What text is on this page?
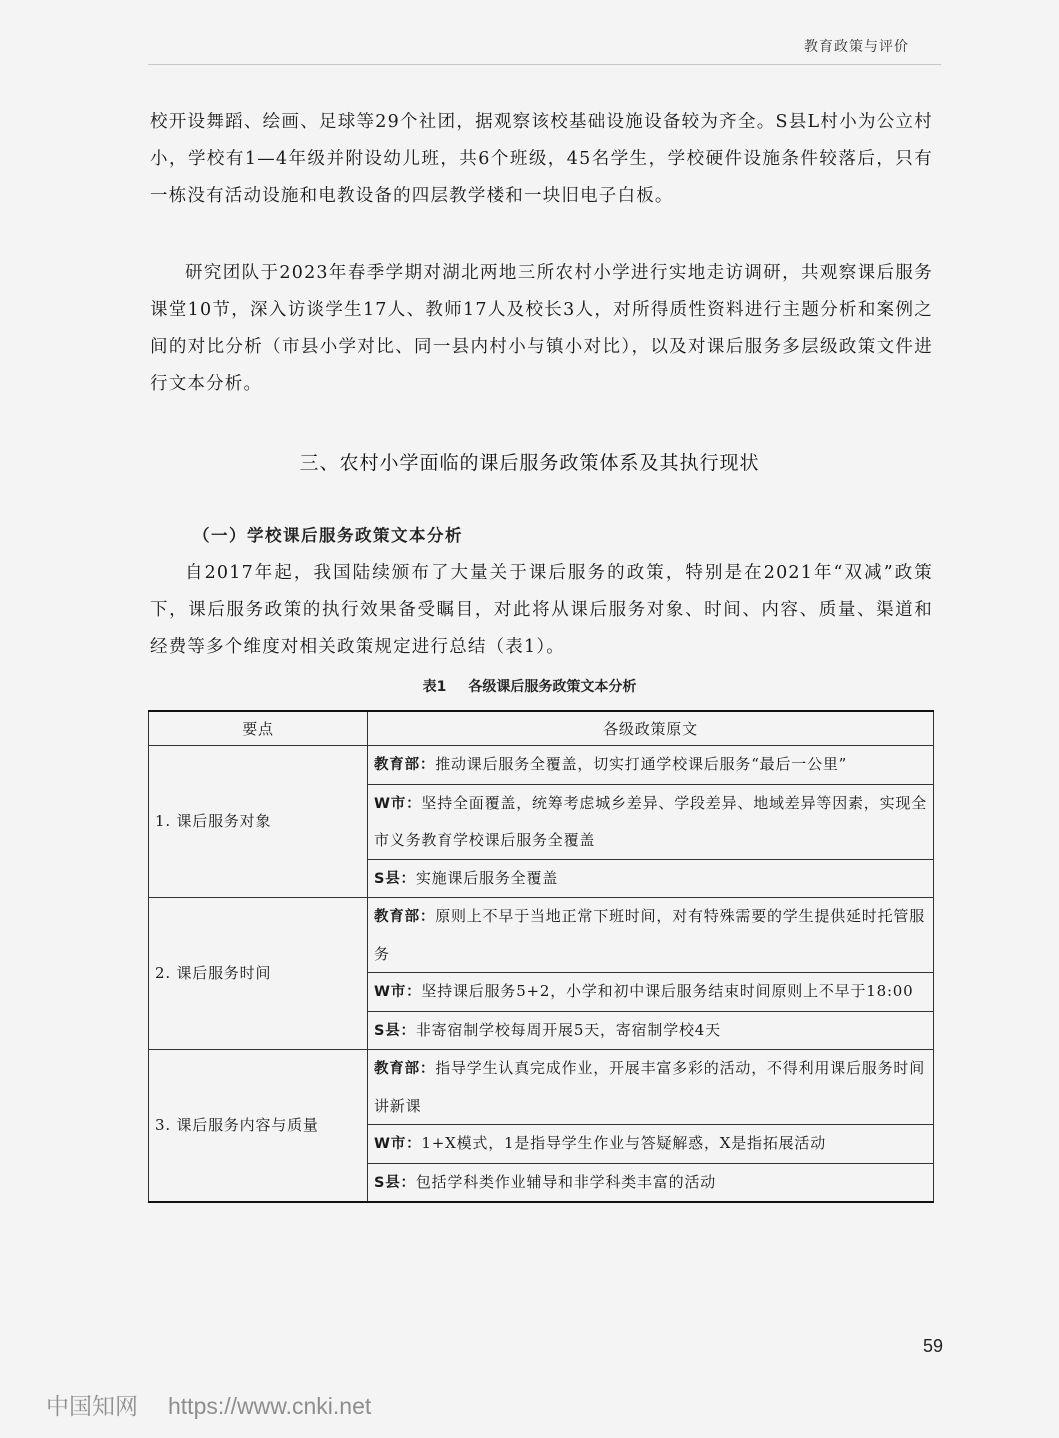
教育政策与评价

校开设舞蹈、绘画、足球等29个社团，据观察该校基础设施设备较为齐全。S县L村小为公立村小，学校有1—4年级并附设幼儿班，共6个班级，45名学生，学校硬件设施条件较落后，只有一栋没有活动设施和电教设备的四层教学楼和一块旧电子白板。

研究团队于2023年春季学期对湖北两地三所农村小学进行实地走访调研，共观察课后服务课堂10节，深入访谈学生17人、教师17人及校长3人，对所得质性资料进行主题分析和案例之间的对比分析（市县小学对比、同一县内村小与镇小对比），以及对课后服务多层级政策文件进行文本分析。

三、农村小学面临的课后服务政策体系及其执行现状
（一）学校课后服务政策文本分析

自2017年起，我国陆续颁布了大量关于课后服务的政策，特别是在2021年“双减”政策下，课后服务政策的执行效果备受瞩目，对此将从课后服务对象、时间、内容、质量、渠道和经费等多个维度对相关政策规定进行总结（表1）。

表1 各级课后服务政策文本分析
要点	各级政策原文
1. 课后服务对象	教育部：推动课后服务全覆盖，切实打通学校课后服务“最后一公里”
	W市：坚持全面覆盖，统筹考虑城乡差异、学段差异、地域差异等因素，实现全市义务教育学校课后服务全覆盖
	S县：实施课后服务全覆盖
2. 课后服务时间	教育部：原则上不早于当地正常下班时间，对有特殊需要的学生提供延时托管服务
	W市：坚持课后服务5+2，小学和初中课后服务结束时间原则上不早于18:00
	S县：非寄宿制学校每周开展5天，寄宿制学校4天
3. 课后服务内容与质量	教育部：指导学生认真完成作业，开展丰富多彩的活动，不得利用课后服务时间讲新课
	W市：1+X模式，1是指导学生作业与答疑解惑，X是指拓展活动
	S县：包括学科类作业辅导和非学科类丰富的活动
59
中国知网 https://www.cnki.net
